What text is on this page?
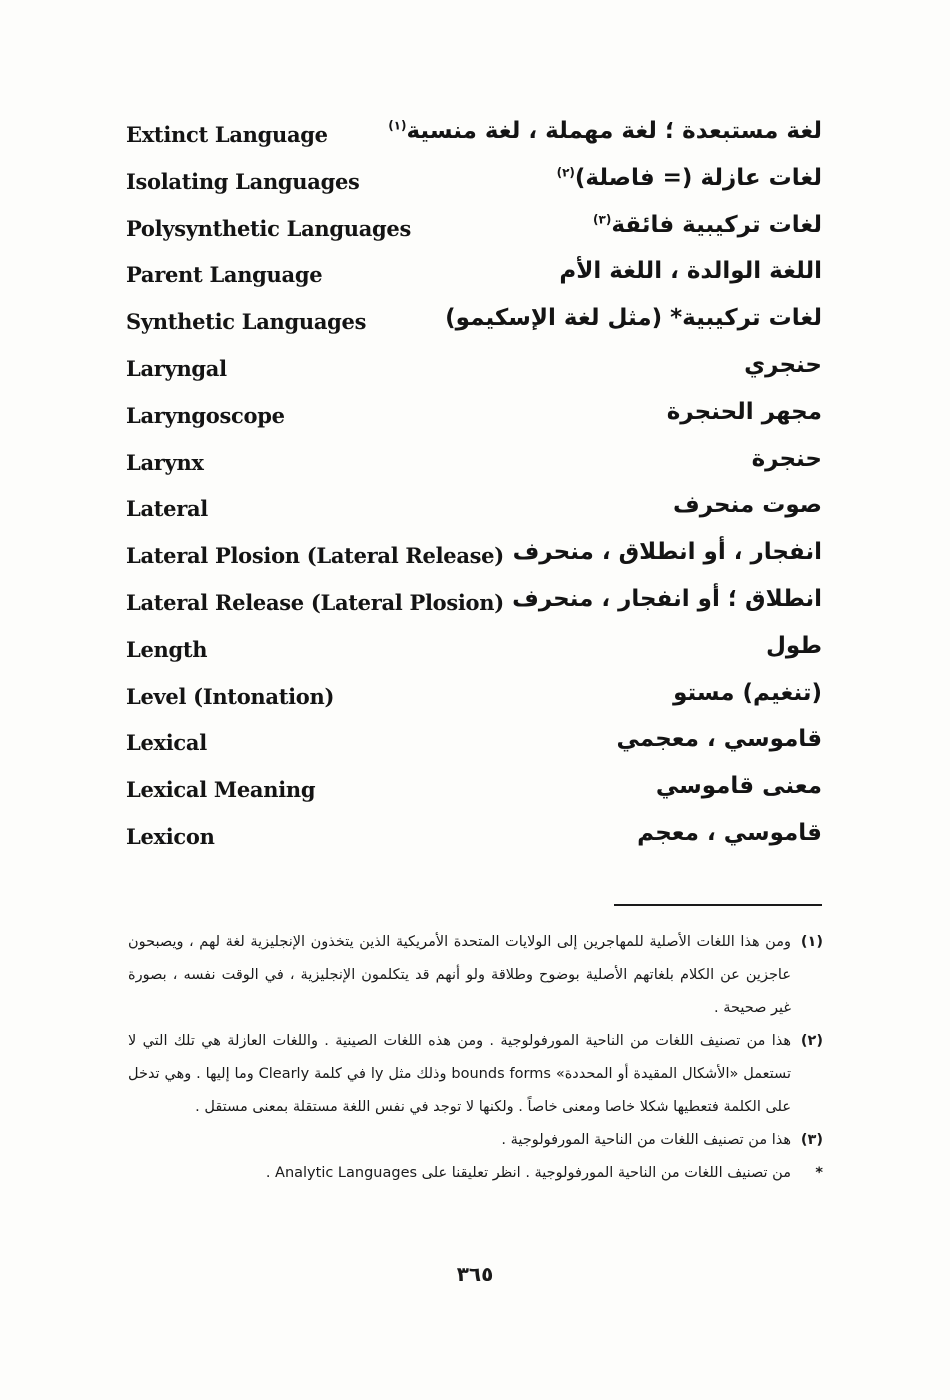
Extinct Language	لغة مستبعدة ؛ لغة مهملة ، لغة منسية$^{(١)}$
Isolating Languages	لغات عازلة (= فاصلة)$^{(٢)}$
Polysynthetic Languages	لغات تركيبية فائقة$^{(٣)}$
Parent Language	اللغة الوالدة ، اللغة الأم
Synthetic Languages	لغات تركيبية* (مثل لغة الإسكيمو)
Laryngal	حنجري
Laryngoscope	مجهر الحنجرة
Larynx	حنجرة
Lateral	صوت منحرف
Lateral Plosion (Lateral Release) انفجار ، أو انطلاق ، منحرف
Lateral Release (Lateral Plosion) انطلاق ؛ أو انفجار ، منحرف
Length	طول
Level (Intonation)	(تنغيم) مستو
Lexical	قاموسي ، معجمي
Lexical Meaning	معنى قاموسي
Lexicon	قاموسي ، معجم
(١)
ومن هذا اللغات الأصلية للمهاجرين إلى الولايات المتحدة الأمريكية الذين يتخذون الإنجليزية لغة لهم ، ويصبحون عاجزين عن الكلام بلغاتهم الأصلية بوضوح وطلاقة ولو أنهم قد يتكلمون الإنجليزية ، في الوقت نفسه ، بصورة غير صحيحة .
(٢)
هذا من تصنيف اللغات من الناحية المورفولوجية . ومن هذه اللغات الصينية . واللغات العازلة هي تلك التي لا تستعمل «الأشكال المقيدة أو المحددة» bounds forms وذلك مثل ly في كلمة Clearly وما إليها . وهي تدخل على الكلمة فتعطيها شكلا خاصا ومعنى خاصاً . ولكنها لا توجد في نفس اللغة مستقلة بمعنى مستقل .
(٣)
هذا من تصنيف اللغات من الناحية المورفولوجية .
*
من تصنيف اللغات من الناحية المورفولوجية . انظر تعليقنا على Analytic Languages .
٣٦٥
